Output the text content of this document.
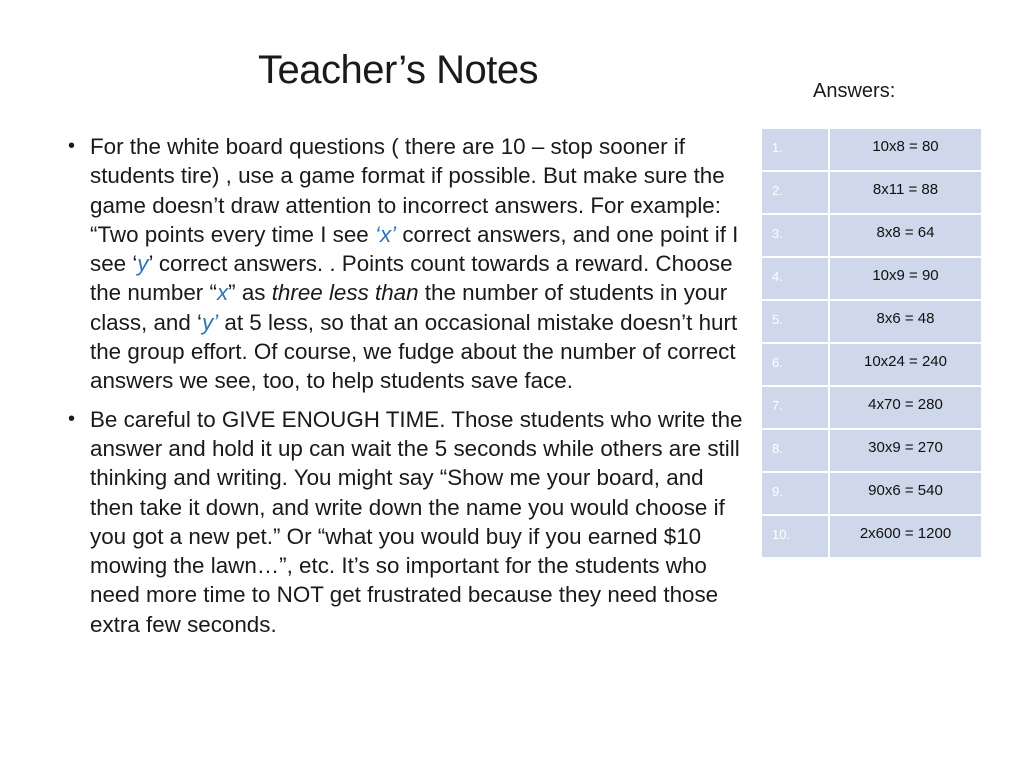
Teacher’s Notes	Answers:
• For the white board questions ( there are 10 – stop sooner if students tire) , use a game format if possible. But make sure the game doesn’t draw attention to incorrect answers. For example: “Two points every time I see ‘x’ correct answers, and one point if I see ‘y’ correct answers. . Points count towards a reward. Choose the number “x” as three less than the number of students in your class, and ‘y’ at 5 less, so that an occasional mistake doesn’t hurt the group effort. Of course, we fudge about the number of correct answers we see, too, to help students save face.
• Be careful to GIVE ENOUGH TIME. Those students who write the answer and hold it up can wait the 5 seconds while others are still thinking and writing. You might say “Show me your board, and then take it down, and write down the name you would choose if you got a new pet.” Or “what you would buy if you earned $10 mowing the lawn…”, etc. It’s so important for the students who need more time to NOT get frustrated because they need those extra few seconds.
1.	10x8 = 80
2.	8x11 = 88
3.	8x8 = 64
4.	10x9 = 90
5.	8x6 = 48
6.	10x24 = 240
7.	4x70 = 280
8.	30x9 = 270
9.	90x6 = 540
10.	2x600 = 1200
